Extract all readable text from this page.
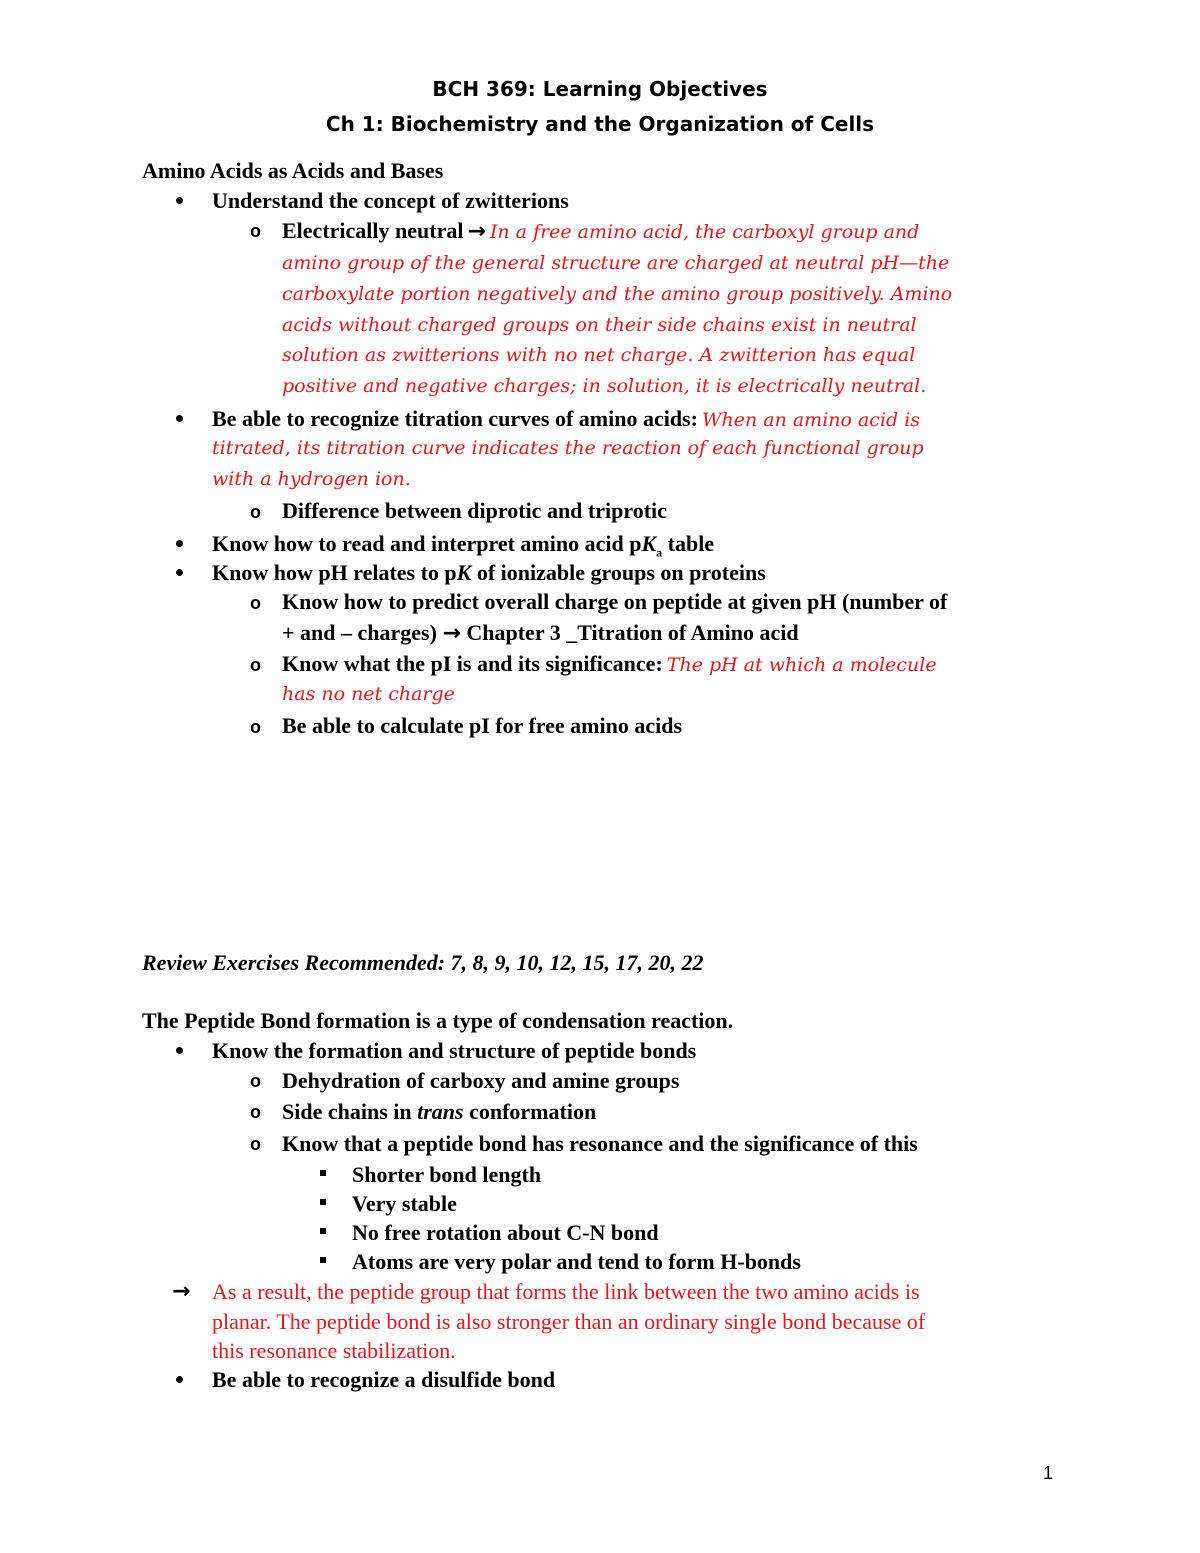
BCH 369: Learning Objectives
Ch 1: Biochemistry and the Organization of Cells
Amino Acids as Acids and Bases
Understand the concept of zwitterions
o Electrically neutral → In a free amino acid, the carboxyl group and
amino group of the general structure are charged at neutral pH—the
carboxylate portion negatively and the amino group positively. Amino
acids without charged groups on their side chains exist in neutral
solution as zwitterions with no net charge. A zwitterion has equal
positive and negative charges; in solution, it is electrically neutral.
Be able to recognize titration curves of amino acids: When an amino acid is
titrated, its titration curve indicates the reaction of each functional group
with a hydrogen ion.
o Difference between diprotic and triprotic
Know how to read and interpret amino acid $pK_a$ table
Know how pH relates to pK of ionizable groups on proteins
o Know how to predict overall charge on peptide at given pH (number of
+ and – charges) → Chapter 3 _Titration of Amino acid
o Know what the pI is and its significance: The pH at which a molecule
has no net charge
o Be able to calculate pI for free amino acids
Review Exercises Recommended: 7, 8, 9, 10, 12, 15, 17, 20, 22
The Peptide Bond formation is a type of condensation reaction.
Know the formation and structure of peptide bonds
o Dehydration of carboxy and amine groups
o Side chains in trans conformation
o Know that a peptide bond has resonance and the significance of this
Shorter bond length
Very stable
No free rotation about C-N bond
Atoms are very polar and tend to form H-bonds
→ As a result, the peptide group that forms the link between the two amino acids is
planar. The peptide bond is also stronger than an ordinary single bond because of
this resonance stabilization.
Be able to recognize a disulfide bond
1
